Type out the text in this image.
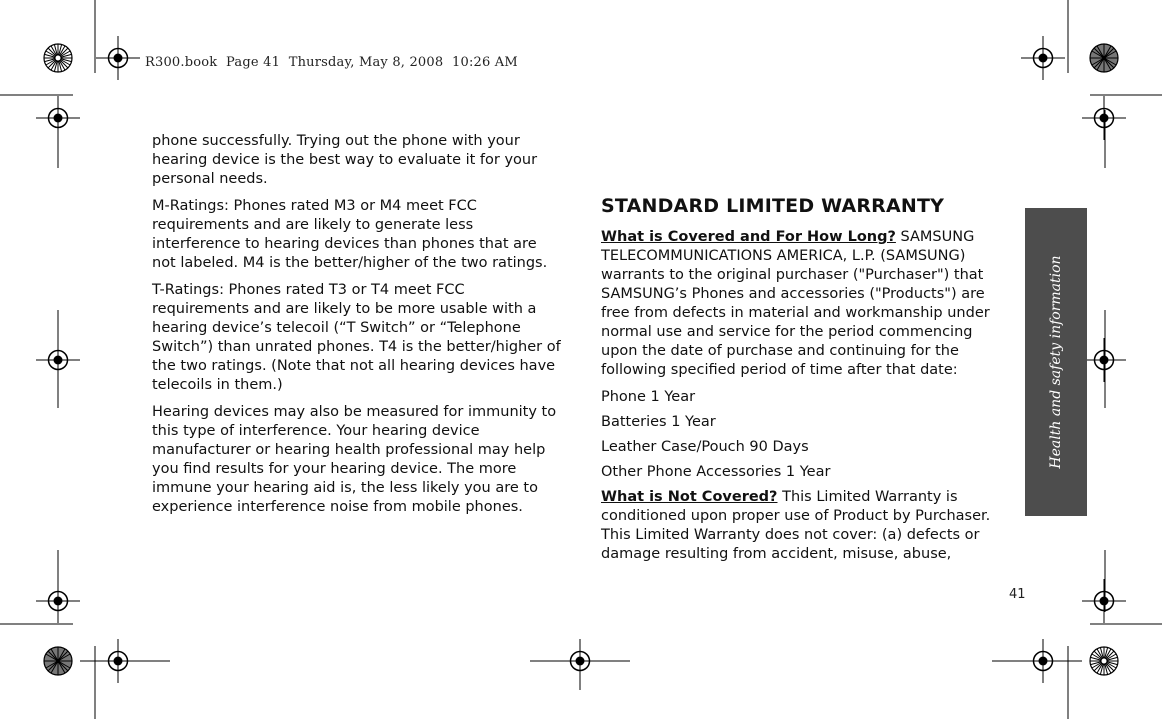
R300.book  Page 41  Thursday, May 8, 2008  10:26 AM

phone successfully. Trying out the phone with your hearing device is the best way to evaluate it for your personal needs.

M-Ratings: Phones rated M3 or M4 meet FCC requirements and are likely to generate less interference to hearing devices than phones that are not labeled. M4 is the better/higher of the two ratings.

T-Ratings: Phones rated T3 or T4 meet FCC requirements and are likely to be more usable with a hearing device’s telecoil (“T Switch” or “Telephone Switch”) than unrated phones. T4 is the better/higher of the two ratings. (Note that not all hearing devices have telecoils in them.)

Hearing devices may also be measured for immunity to this type of interference. Your hearing device manufacturer or hearing health professional may help you find results for your hearing device. The more immune your hearing aid is, the less likely you are to experience interference noise from mobile phones.

STANDARD LIMITED WARRANTY

What is Covered and For How Long? SAMSUNG TELECOMMUNICATIONS AMERICA, L.P. (SAMSUNG) warrants to the original purchaser ("Purchaser") that SAMSUNG’s Phones and accessories ("Products") are free from defects in material and workmanship under normal use and service for the period commencing upon the date of purchase and continuing for the following specified period of time after that date:

Phone 1 Year

Batteries 1 Year

Leather Case/Pouch 90 Days

Other Phone Accessories 1 Year

What is Not Covered? This Limited Warranty is conditioned upon proper use of Product by Purchaser. This Limited Warranty does not cover: (a) defects or damage resulting from accident, misuse, abuse,

Health and safety information
41
